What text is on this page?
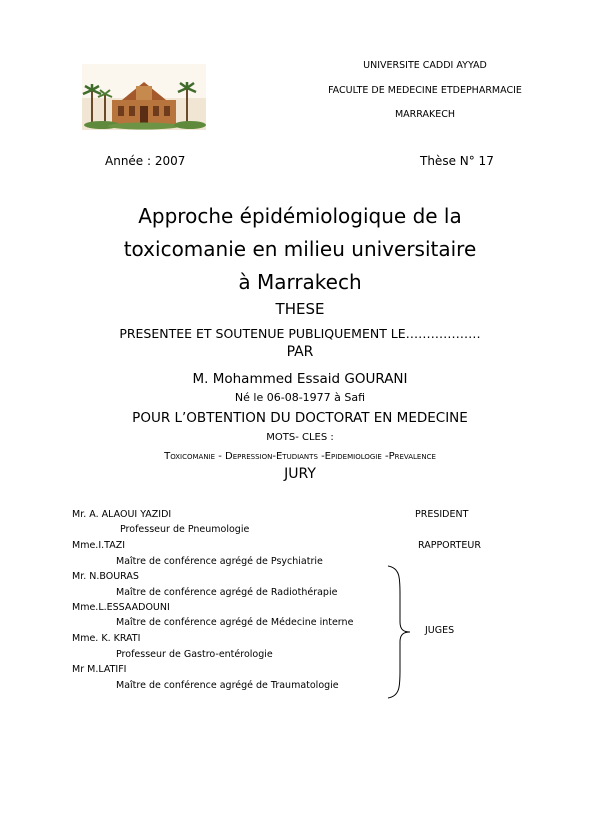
UNIVERSITE CADDI AYYAD
FACULTE DE MEDECINE ETDEPHARMACIE
MARRAKECH
Année : 2007	Thèse N° 17
Approche épidémiologique de la
toxicomanie en milieu universitaire
à Marrakech
THESE
PRESENTEE ET SOUTENUE PUBLIQUEMENT LE………………
PAR
M. Mohammed Essaid GOURANI
Né le 06-08-1977 à Safi
POUR L’OBTENTION DU DOCTORAT EN MEDECINE
MOTS- CLES :
Toxicomanie - Depression-Etudiants -Epidemiologie -Prevalence
JURY
Mr. A. ALAOUI YAZIDI
Professeur de Pneumologie
PRESIDENT
Mme.I.TAZI
Maître de conférence agrégé de Psychiatrie
RAPPORTEUR
Mr. N.BOURAS
Maître de conférence agrégé de Radiothérapie
Mme.L.ESSAADOUNI
Maître de conférence agrégé de Médecine interne
Mme. K. KRATI
Professeur de Gastro-entérologie
Mr M.LATIFI
Maître de conférence agrégé de Traumatologie
JUGES
